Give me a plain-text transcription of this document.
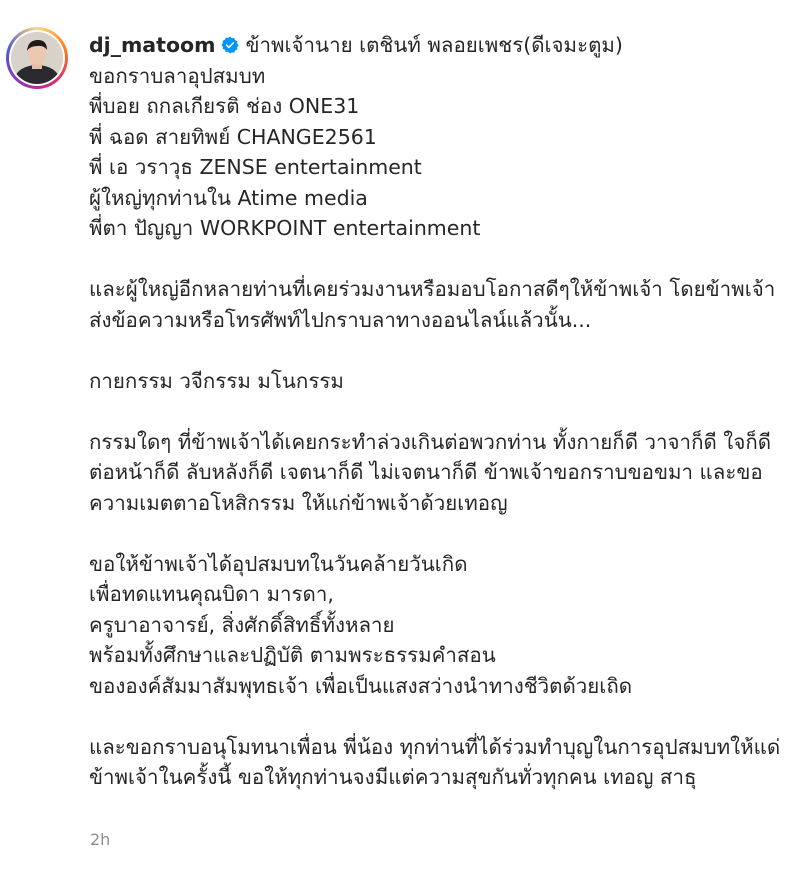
dj_matoom ข้าพเจ้านาย เตชินท์ พลอยเพชร(ดีเจมะตูม)
ขอกราบลาอุปสมบท
พี่บอย ถกลเกียรติ ช่อง ONE31
พี่ ฉอด สายทิพย์ CHANGE2561
พี่ เอ วราวุธ ZENSE entertainment
ผู้ใหญ่ทุกท่านใน Atime media
พี่ตา ปัญญา WORKPOINT entertainment

และผู้ใหญ่อีกหลายท่านที่เคยร่วมงานหรือมอบโอกาสดีๆให้ข้าพเจ้า โดยข้าพเจ้าส่งข้อความหรือโทรศัพท์ไปกราบลาทางออนไลน์แล้วนั้น...

กายกรรม วจีกรรม มโนกรรม

กรรมใดๆ ที่ข้าพเจ้าได้เคยกระทำล่วงเกินต่อพวกท่าน ทั้งกายก็ดี วาจาก็ดี ใจก็ดี ต่อหน้าก็ดี ลับหลังก็ดี เจตนาก็ดี ไม่เจตนาก็ดี ข้าพเจ้าขอกราบขอขมา และขอความเมตตาอโหสิกรรม ให้แก่ข้าพเจ้าด้วยเทอญ

ขอให้ข้าพเจ้าได้อุปสมบทในวันคล้ายวันเกิด
เพื่อทดแทนคุณบิดา มารดา,
ครูบาอาจารย์, สิ่งศักดิ์สิทธิ์ทั้งหลาย
พร้อมทั้งศึกษาและปฏิบัติ ตามพระธรรมคำสอน
ขององค์สัมมาสัมพุทธเจ้า เพื่อเป็นแสงสว่างนำทางชีวิตด้วยเถิด

และขอกราบอนุโมทนาเพื่อน พี่น้อง ทุกท่านที่ได้ร่วมทำบุญในการอุปสมบทให้แด่ข้าพเจ้าในครั้งนี้ ขอให้ทุกท่านจงมีแต่ความสุขกันทั่วทุกคน เทอญ สาธุ
2h
